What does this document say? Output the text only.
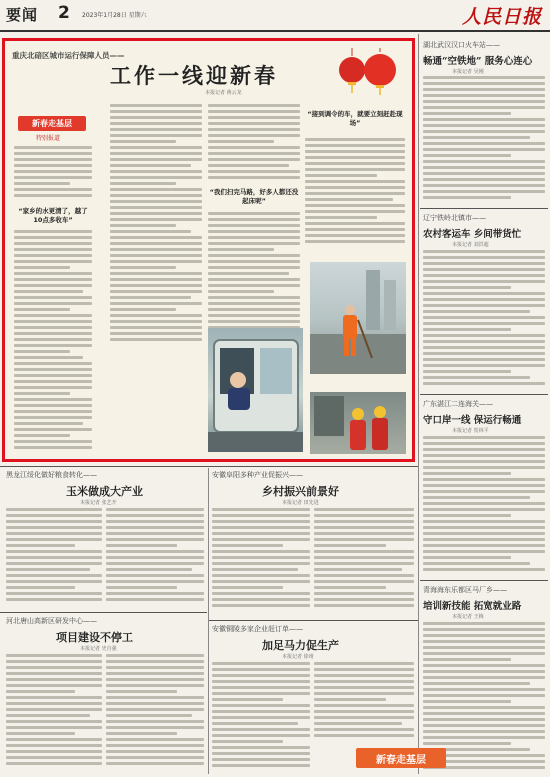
要闻 2 2023年1月28日 星期六	人民日报
重庆北碚区城市运行保障人员——
工作一线迎新春
本报记者 蒋云龙
新春走基层
特别报道
“家乡的水更清了，越了10点多收车”
“我们扫完马路，好多人都还没起床呢”
“接到调令的车，就要立刻赶赴现场”
湖北武汉汉口火车站——
畅通“空铁地” 服务心连心
本报记者 吴刚
辽宁铁岭北镇市——
农村客运车 乡间带货忙
本报记者 刘洪超
广东湛江二连海关——
守口岸一线 保运行畅通
本报记者 贺林平
青海海东乐都区马厂乡——
培训新技能 拓宽就业路
本报记者 王梅
黑龙江绥化做好粮食转化——
玉米做成大产业
本报记者 张艺开
河北唐山高新区研发中心——
项目建设不停工
本报记者 史自强
安徽阜阳多种产业促振兴——
乡村振兴前景好
本报记者 田先进
安徽铜陵多家企业赶订单——
加足马力促生产
本报记者 徐靖
新春走基层
